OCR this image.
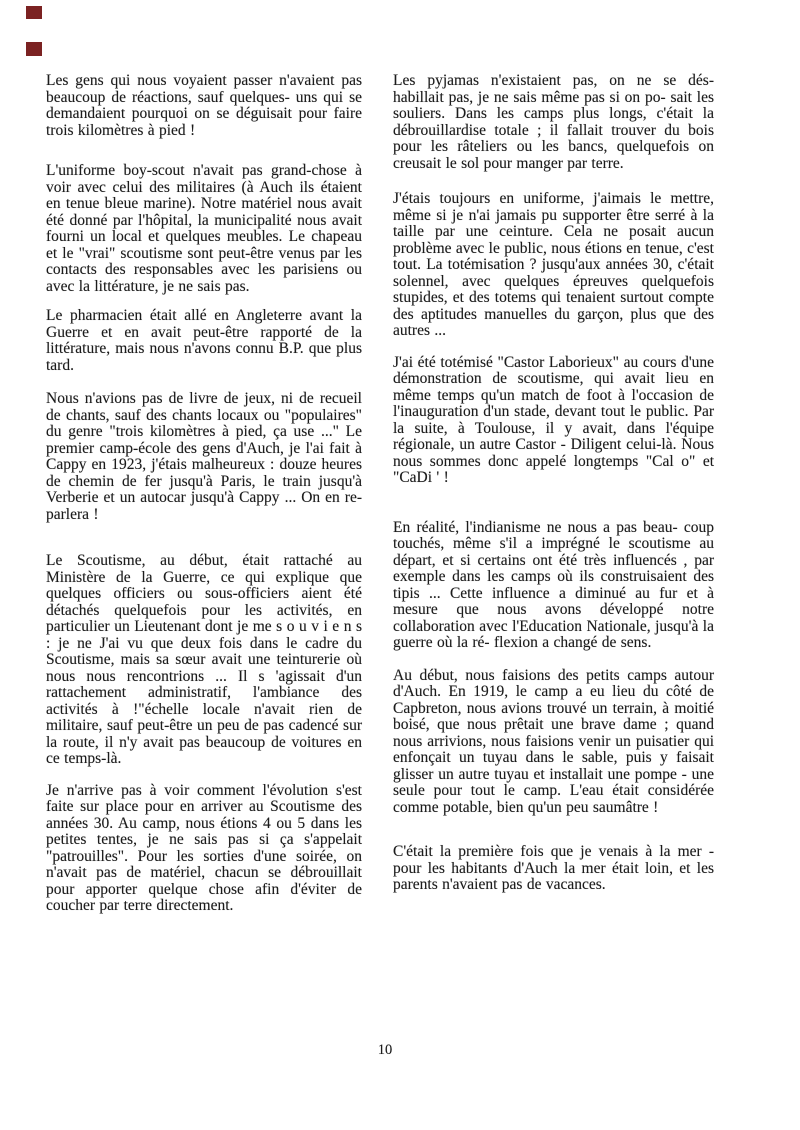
Les gens qui nous voyaient passer n'avaient pas beaucoup de réactions, sauf quelques- uns qui se demandaient pourquoi on se déguisait pour faire trois kilomètres à pied !

L'uniforme boy-scout n'avait pas grand-chose à voir avec celui des militaires (à Auch ils étaient en tenue bleue marine). Notre matériel nous avait été donné par l'hôpital, la municipalité nous avait fourni un local et quelques meubles. Le chapeau et le "vrai" scoutisme sont peut-être venus par les contacts des responsables avec les parisiens ou avec la littérature, je ne sais pas.

Le pharmacien était allé en Angleterre avant la Guerre et en avait peut-être rapporté de la littérature, mais nous n'avons connu B.P. que plus tard.

Nous n'avions pas de livre de jeux, ni de recueil de chants, sauf des chants locaux ou "populaires" du genre "trois kilomètres à pied, ça use ..." Le premier camp-école des gens d'Auch, je l'ai fait à Cappy en 1923, j'étais malheureux : douze heures de chemin de fer jusqu'à Paris, le train jusqu'à Verberie et un autocar jusqu'à Cappy ... On en re- parlera !

Le Scoutisme, au début, était rattaché au Ministère de la Guerre, ce qui explique que quelques officiers ou sous-officiers aient été détachés quelquefois pour les activités, en particulier un Lieutenant dont je me s o u v i e n s : je ne J'ai vu que deux fois dans le cadre du Scoutisme, mais sa sœur avait une teinturerie où nous nous rencontrions ... Il s 'agissait d'un rattachement administratif, l'ambiance des activités à !"échelle locale n'avait rien de militaire, sauf peut-être un peu de pas cadencé sur la route, il n'y avait pas beaucoup de voitures en ce temps-là.

Je n'arrive pas à voir comment l'évolution s'est faite sur place pour en arriver au Scoutisme des années 30. Au camp, nous étions 4 ou 5 dans les petites tentes, je ne sais pas si ça s'appelait "patrouilles". Pour les sorties d'une soirée, on n'avait pas de matériel, chacun se débrouillait pour apporter quelque chose afin d'éviter de coucher par terre directement.

Les pyjamas n'existaient pas, on ne se dés- habillait pas, je ne sais même pas si on po- sait les souliers. Dans les camps plus longs, c'était la débrouillardise totale ; il fallait trouver du bois pour les râteliers ou les bancs, quelquefois on creusait le sol pour manger par terre.

J'étais toujours en uniforme, j'aimais le mettre, même si je n'ai jamais pu supporter être serré à la taille par une ceinture. Cela ne posait aucun problème avec le public, nous étions en tenue, c'est tout. La totémisation ? jusqu'aux années 30, c'était solennel, avec quelques épreuves quelquefois stupides, et des totems qui tenaient surtout compte des aptitudes manuelles du garçon, plus que des autres ...

J'ai été totémisé "Castor Laborieux" au cours d'une démonstration de scoutisme, qui avait lieu en même temps qu'un match de foot à l'occasion de l'inauguration d'un stade, devant tout le public. Par la suite, à Toulouse, il y avait, dans l'équipe régionale, un autre Castor - Diligent celui-là. Nous nous sommes donc appelé longtemps "Cal o" et "CaDi ' !

En réalité, l'indianisme ne nous a pas beau- coup touchés, même s'il a imprégné le scoutisme au départ, et si certains ont été très influencés , par exemple dans les camps où ils construisaient des tipis ... Cette influence a diminué au fur et à mesure que nous avons développé notre collaboration avec l'Education Nationale, jusqu'à la guerre où la ré- flexion a changé de sens.

Au début, nous faisions des petits camps autour d'Auch. En 1919, le camp a eu lieu du côté de Capbreton, nous avions trouvé un terrain, à moitié boisé, que nous prêtait une brave dame ; quand nous arrivions, nous faisions venir un puisatier qui enfonçait un tuyau dans le sable, puis y faisait glisser un autre tuyau et installait une pompe - une seule pour tout le camp. L'eau était considérée comme potable, bien qu'un peu saumâtre !

C'était la première fois que je venais à la mer - pour les habitants d'Auch la mer était loin, et les parents n'avaient pas de vacances.

10
